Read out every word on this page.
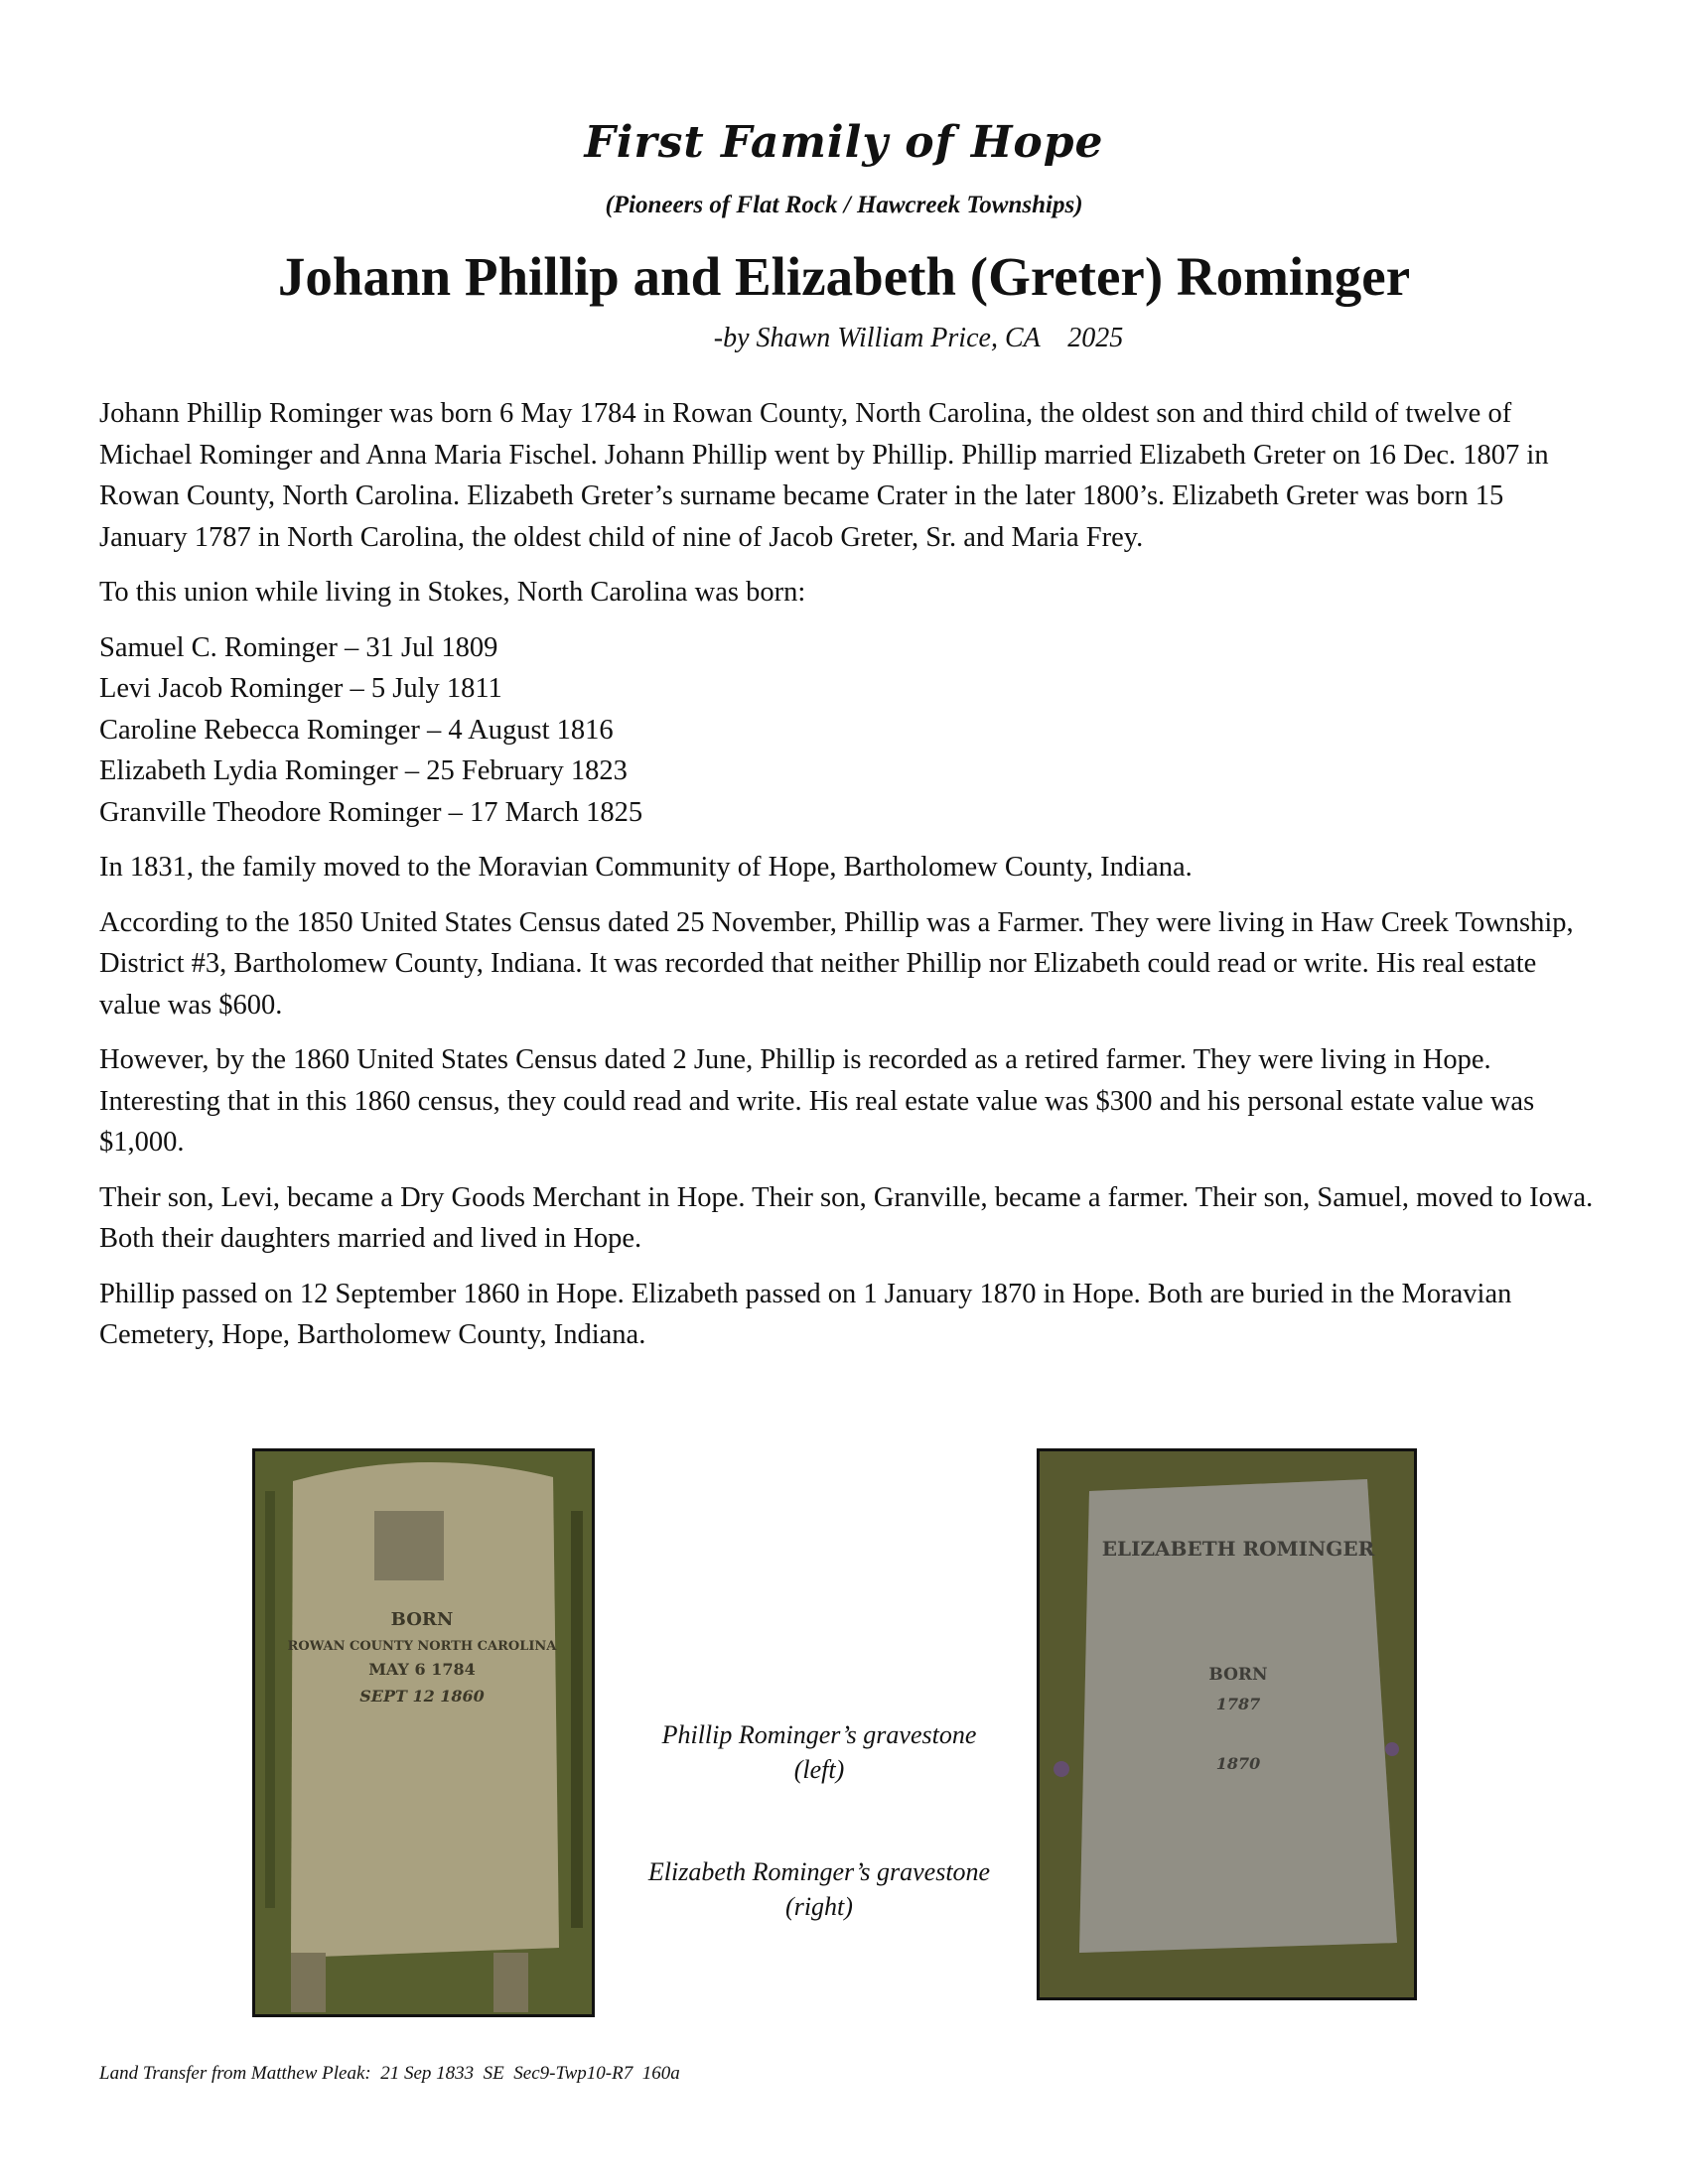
First Family of Hope
(Pioneers of Flat Rock / Hawcreek Townships)
Johann Phillip and Elizabeth (Greter) Rominger
-by Shawn William Price, CA    2025

Johann Phillip Rominger was born 6 May 1784 in Rowan County, North Carolina, the oldest son and third child of twelve of Michael Rominger and Anna Maria Fischel. Johann Phillip went by Phillip. Phillip married Elizabeth Greter on 16 Dec. 1807 in Rowan County, North Carolina. Elizabeth Greter’s surname became Crater in the later 1800’s. Elizabeth Greter was born 15 January 1787 in North Carolina, the oldest child of nine of Jacob Greter, Sr. and Maria Frey.

To this union while living in Stokes, North Carolina was born:

Samuel C. Rominger – 31 Jul 1809
Levi Jacob Rominger – 5 July 1811
Caroline Rebecca Rominger – 4 August 1816
Elizabeth Lydia Rominger – 25 February 1823
Granville Theodore Rominger – 17 March 1825

In 1831, the family moved to the Moravian Community of Hope, Bartholomew County, Indiana.

According to the 1850 United States Census dated 25 November, Phillip was a Farmer. They were living in Haw Creek Township, District #3, Bartholomew County, Indiana. It was recorded that neither Phillip nor Elizabeth could read or write. His real estate value was $600.

However, by the 1860 United States Census dated 2 June, Phillip is recorded as a retired farmer. They were living in Hope. Interesting that in this 1860 census, they could read and write. His real estate value was $300 and his personal estate value was $1,000.

Their son, Levi, became a Dry Goods Merchant in Hope. Their son, Granville, became a farmer. Their son, Samuel, moved to Iowa. Both their daughters married and lived in Hope.

Phillip passed on 12 September 1860 in Hope. Elizabeth passed on 1 January 1870 in Hope. Both are buried in the Moravian Cemetery, Hope, Bartholomew County, Indiana.

BORN
ROWAN COUNTY NORTH CAROLINA
MAY 6 1784
SEPT 12 1860
Phillip Rominger’s gravestone
(left)
Elizabeth Rominger’s gravestone
(right)
ELIZABETH ROMINGER
BORN
1787
1870
Land Transfer from Matthew Pleak:  21 Sep 1833  SE  Sec9-Twp10-R7  160a
